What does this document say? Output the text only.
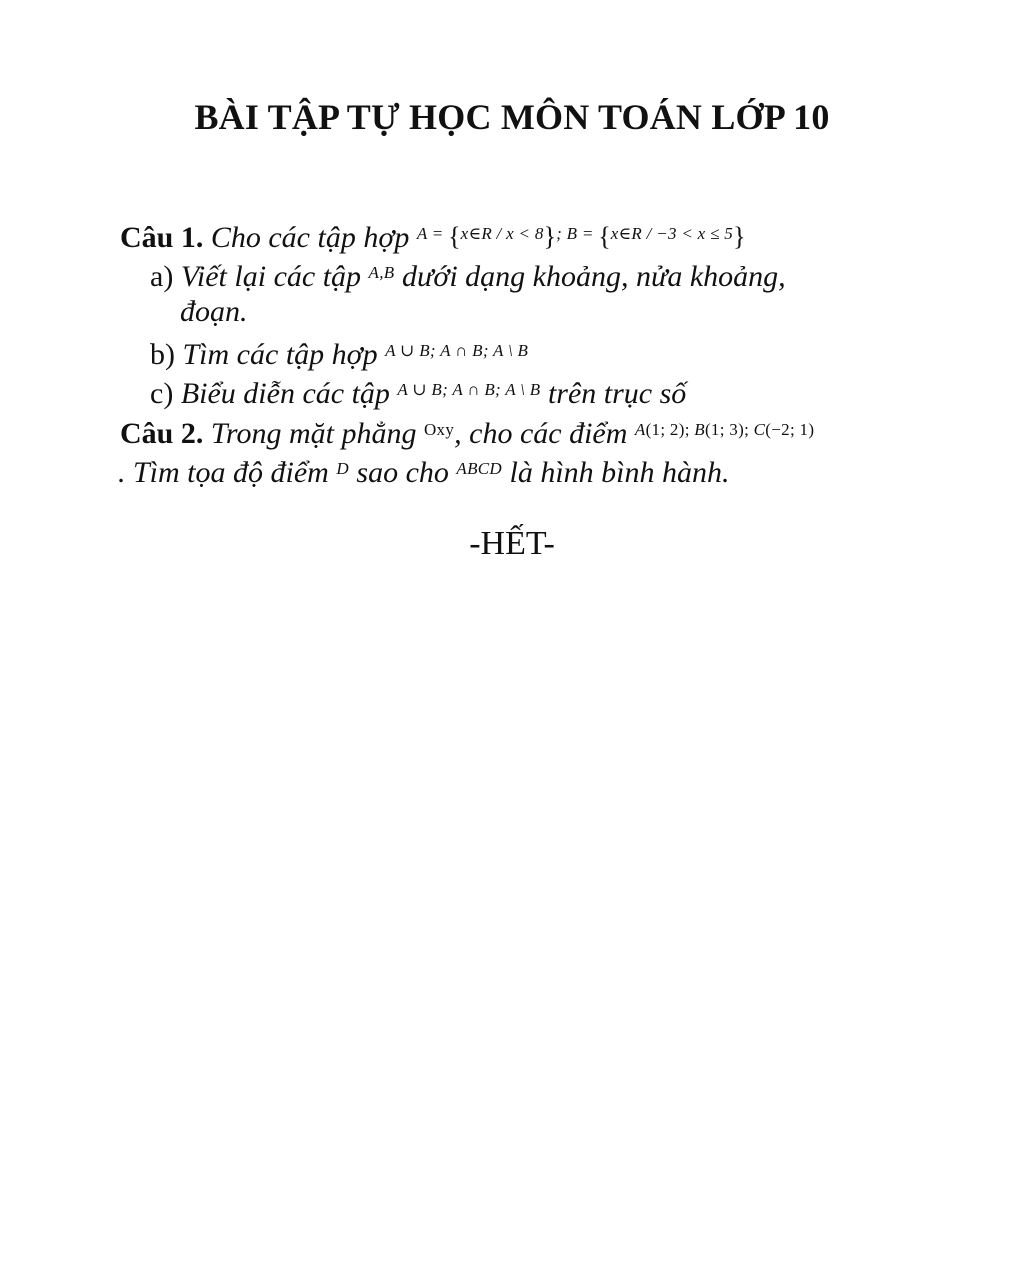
BÀI TẬP TỰ HỌC MÔN TOÁN LỚP 10
Câu 1. Cho các tập hợp $^{A =}$ {$^{x\in R / x < 8}$}; $^{B =}$ {$^{x\in R / -3 < x \le 5}$}
a) Viết lại các tập $^{A,B}$ dưới dạng khoảng, nửa khoảng,
đoạn.
b) Tìm các tập hợp $^{A \cup B; A \cap B; A \backslash B}$
c) Biểu diễn các tập $^{A \cup B; A \cap B; A \backslash B}$ trên trục số
Câu 2. Trong mặt phẳng $^{Oxy}$, cho các điểm $^{A(1; 2);}$ $^{B(1; 3);}$ $^{C(-2; 1)}$
. Tìm tọa độ điểm $^D$ sao cho $^{ABCD}$ là hình bình hành.
-HẾT-
